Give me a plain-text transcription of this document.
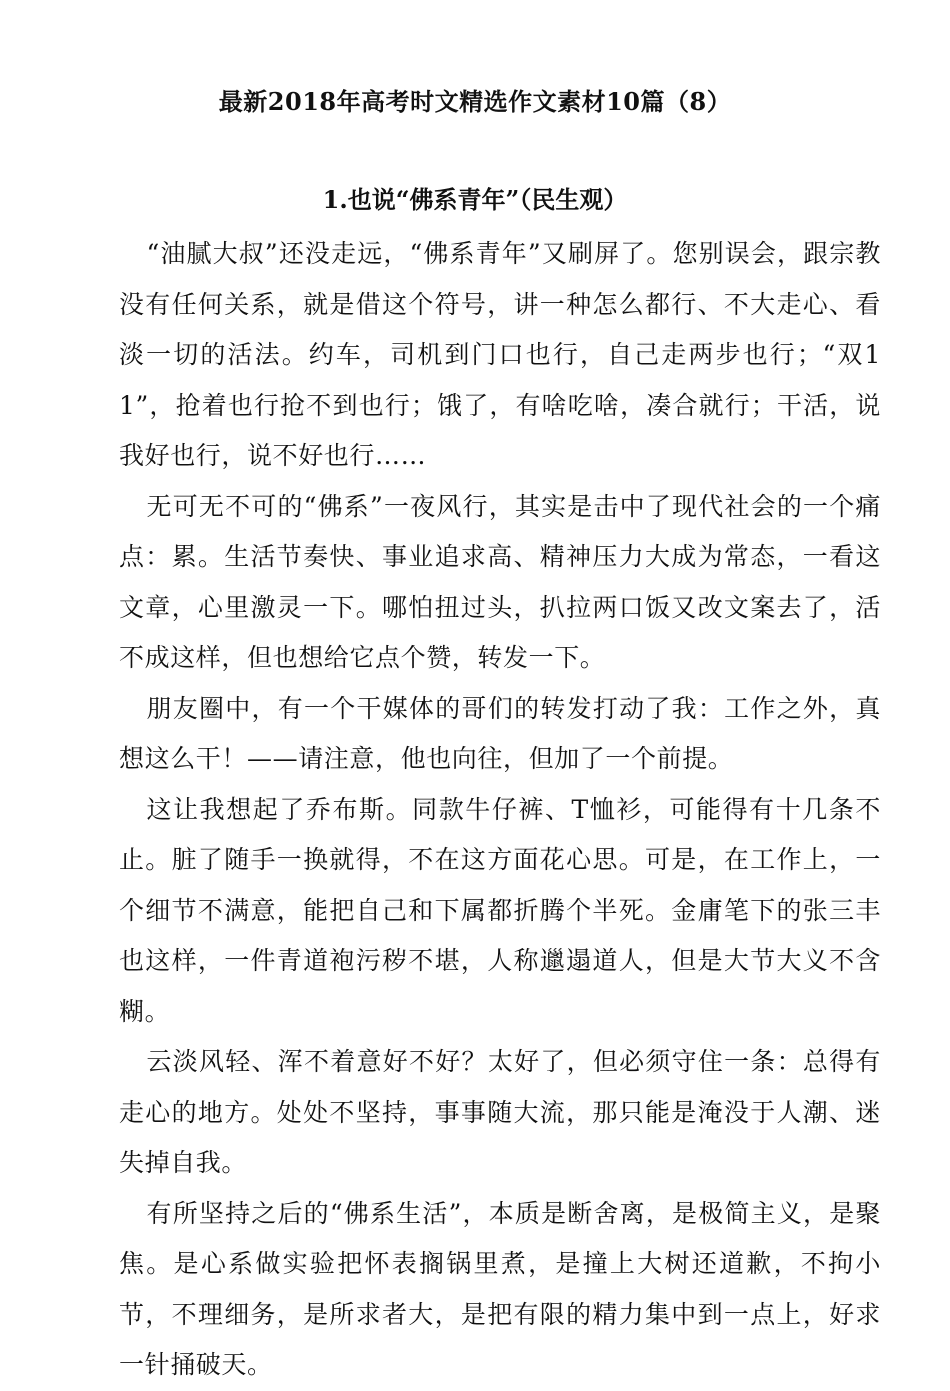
最新2018年高考时文精选作文素材10篇（8）
1.也说“佛系青年”（民生观）

“油腻大叔”还没走远，“佛系青年”又刷屏了。您别误会，跟宗教没有任何关系，就是借这个符号，讲一种怎么都行、不大走心、看淡一切的活法。约车，司机到门口也行，自己走两步也行；“双11”，抢着也行抢不到也行；饿了，有啥吃啥，凑合就行；干活，说我好也行，说不好也行……

无可无不可的“佛系”一夜风行，其实是击中了现代社会的一个痛点：累。生活节奏快、事业追求高、精神压力大成为常态，一看这文章，心里激灵一下。哪怕扭过头，扒拉两口饭又改文案去了，活不成这样，但也想给它点个赞，转发一下。

朋友圈中，有一个干媒体的哥们的转发打动了我：工作之外，真想这么干！——请注意，他也向往，但加了一个前提。

这让我想起了乔布斯。同款牛仔裤、T恤衫，可能得有十几条不止。脏了随手一换就得，不在这方面花心思。可是，在工作上，一个细节不满意，能把自己和下属都折腾个半死。金庸笔下的张三丰也这样，一件青道袍污秽不堪，人称邋遢道人，但是大节大义不含糊。

云淡风轻、浑不着意好不好？太好了，但必须守住一条：总得有走心的地方。处处不坚持，事事随大流，那只能是淹没于人潮、迷失掉自我。

有所坚持之后的“佛系生活”，本质是断舍离，是极简主义，是聚焦。是心系做实验把怀表搁锅里煮，是撞上大树还道歉，不拘小节，不理细务，是所求者大，是把有限的精力集中到一点上，好求一针捅破天。
